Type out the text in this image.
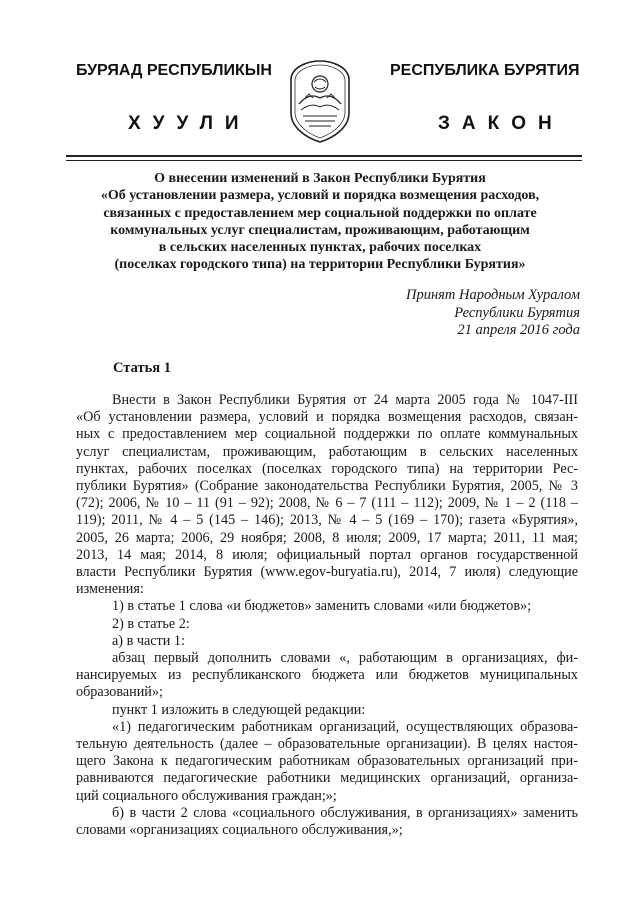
БУРЯАД РЕСПУБЛИКЫН	РЕСПУБЛИКА БУРЯТИЯ
ХУУЛИ	ЗАКОН
О внесении изменений в Закон Республики Бурятия
«Об установлении размера, условий и порядка возмещения расходов,
связанных с предоставлением мер социальной поддержки по оплате
коммунальных услуг специалистам, проживающим, работающим
в сельских населенных пунктах, рабочих поселках
(поселках городского типа) на территории Республики Бурятия»
Принят Народным Хуралом
Республики Бурятия
21 апреля 2016 года
Статья 1
Внести в Закон Республики Бурятия от 24 марта 2005 года № 1047-III
«Об установлении размера, условий и порядка возмещения расходов, связан-
ных с предоставлением мер социальной поддержки по оплате коммунальных
услуг специалистам, проживающим, работающим в сельских населенных
пунктах, рабочих поселках (поселках городского типа) на территории Рес-
публики Бурятия» (Собрание законодательства Республики Бурятия, 2005, № 3
(72); 2006, № 10 – 11 (91 – 92); 2008, № 6 – 7 (111 – 112); 2009, № 1 – 2 (118 –
119); 2011, № 4 – 5 (145 – 146); 2013, № 4 – 5 (169 – 170); газета «Бурятия»,
2005, 26 марта; 2006, 29 ноября; 2008, 8 июля; 2009, 17 марта; 2011, 11 мая;
2013, 14 мая; 2014, 8 июля; официальный портал органов государственной
власти Республики Бурятия (www.egov-buryatia.ru), 2014, 7 июля) следующие
изменения:
1) в статье 1 слова «и бюджетов» заменить словами «или бюджетов»;
2) в статье 2:
а) в части 1:
абзац первый дополнить словами «, работающим в организациях, фи-
нансируемых из республиканского бюджета или бюджетов муниципальных
образований»;
пункт 1 изложить в следующей редакции:
«1) педагогическим работникам организаций, осуществляющих образова-
тельную деятельность (далее – образовательные организации). В целях настоя-
щего Закона к педагогическим работникам образовательных организаций при-
равниваются педагогические работники медицинских организаций, организа-
ций социального обслуживания граждан;»;
б) в части 2 слова «социального обслуживания, в организациях» заменить
словами «организациях социального обслуживания,»;
